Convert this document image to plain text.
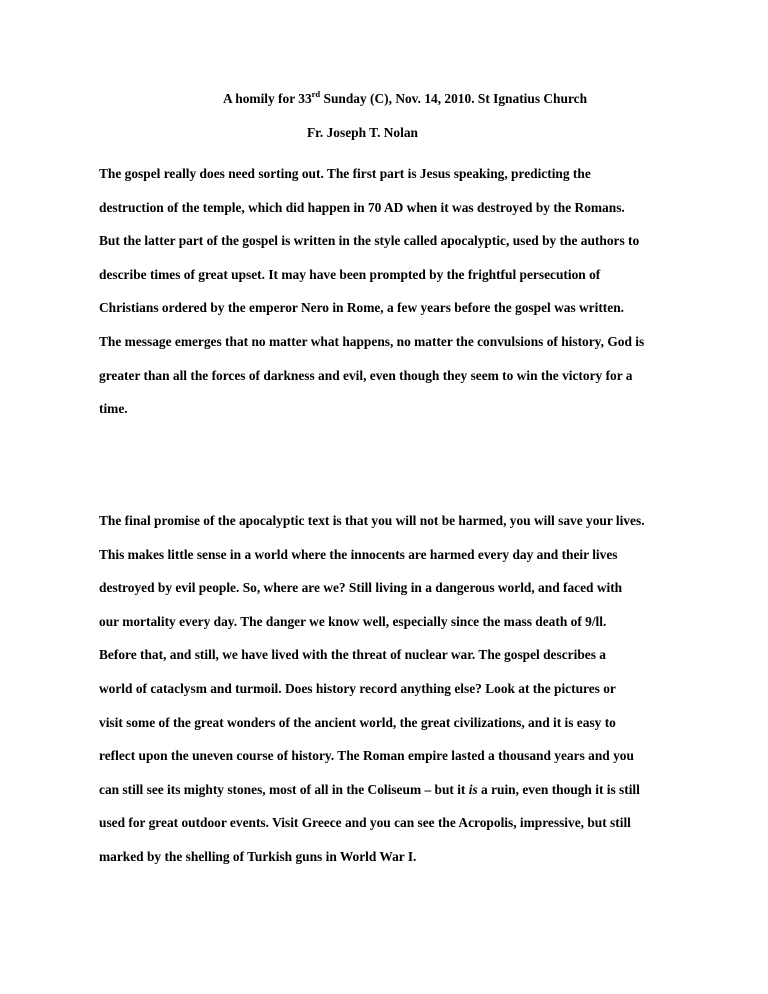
A homily for 33rd Sunday (C), Nov. 14, 2010. St Ignatius Church
Fr. Joseph T. Nolan
The gospel really does need sorting out. The first part is Jesus speaking, predicting the
destruction of the temple, which did happen in 70 AD when it was destroyed by the Romans.
But the latter part of the gospel is written in the style called apocalyptic, used by the authors to
describe times of great upset. It may have been prompted by the frightful persecution of
Christians ordered by the emperor Nero in Rome, a few years before the gospel was written.
The message emerges that no matter what happens, no matter the convulsions of history, God is
greater than all the forces of darkness and evil, even though they seem to win the victory for a
time.
The final promise of the apocalyptic text is that you will not be harmed, you will save your lives.
This makes little sense in a world where the innocents are harmed every day and their lives
destroyed by evil people. So, where are we? Still living in a dangerous world, and faced with
our mortality every day. The danger we know well, especially since the mass death of 9/ll.
Before that, and still, we have lived with the threat of nuclear war. The gospel describes a
world of cataclysm and turmoil. Does history record anything else? Look at the pictures or
visit some of the great wonders of the ancient world, the great civilizations, and it is easy to
reflect upon the uneven course of history. The Roman empire lasted a thousand years and you
can still see its mighty stones, most of all in the Coliseum – but it is a ruin, even though it is still
used for great outdoor events. Visit Greece and you can see the Acropolis, impressive, but still
marked by the shelling of Turkish guns in World War I.
